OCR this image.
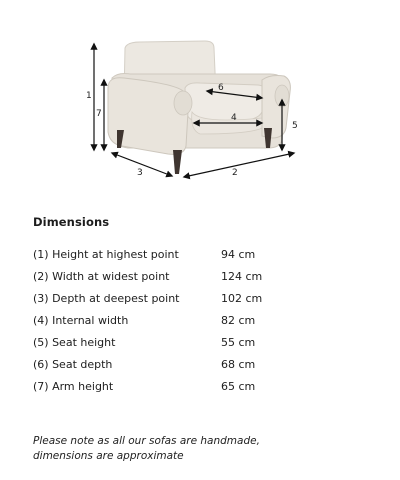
1
7
5
6
4
3	2
Dimensions
(1) Height at highest point	94 cm
(2) Width at widest point	124 cm
(3) Depth at deepest point	102 cm
(4) Internal width	82 cm
(5) Seat height	55 cm
(6) Seat depth	68 cm
(7) Arm height	65 cm
Please note as all our sofas are handmade,
dimensions are approximate
